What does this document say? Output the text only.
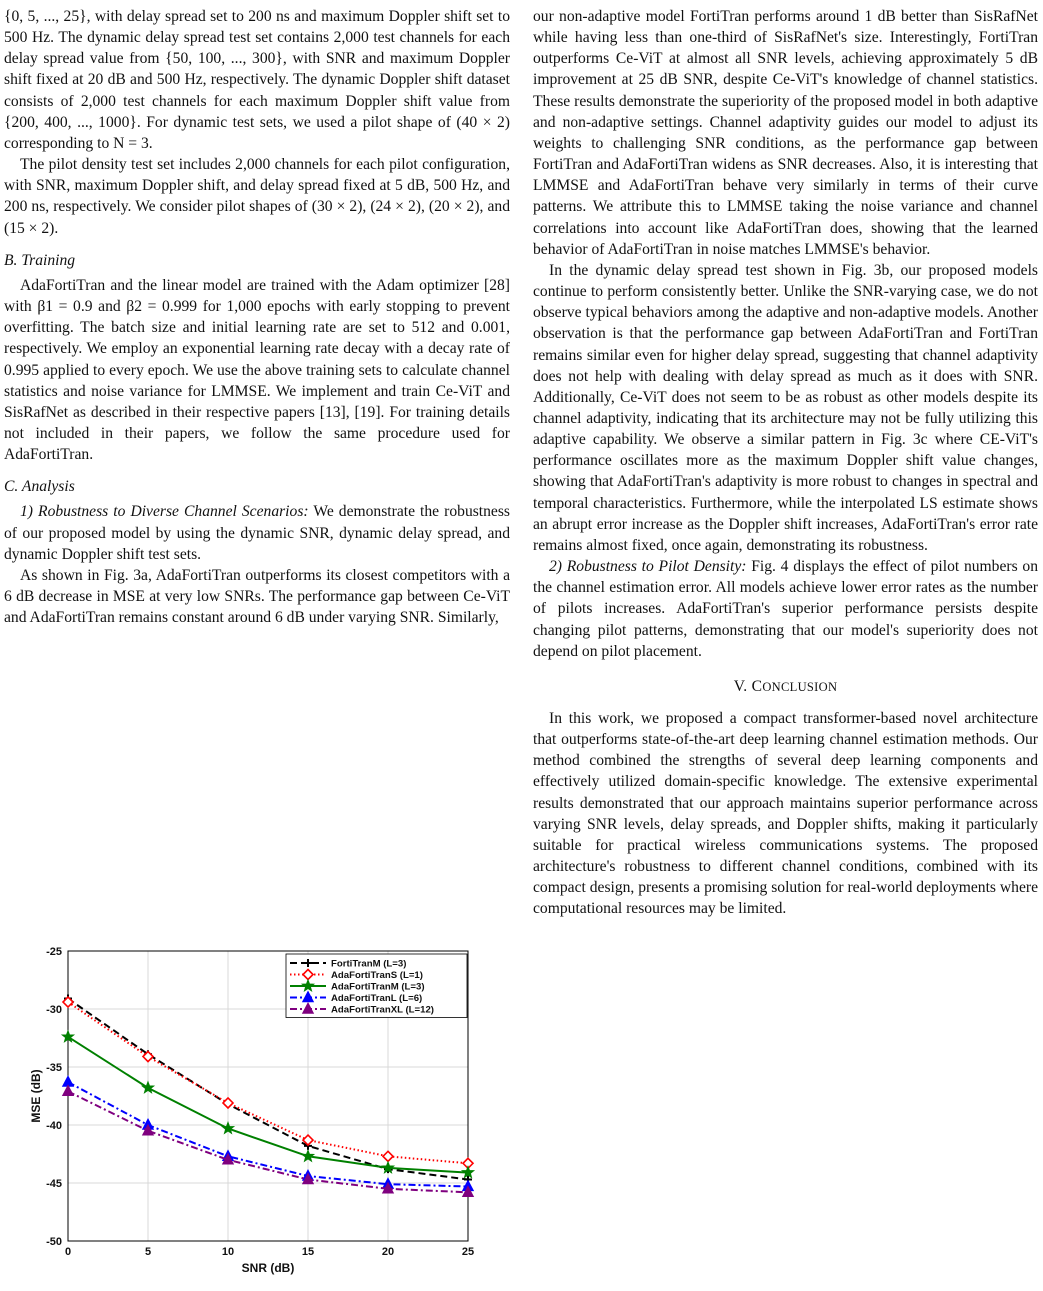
{0, 5, ..., 25}, with delay spread set to 200 ns and maximum Doppler shift set to 500 Hz. The dynamic delay spread test set contains 2,000 test channels for each delay spread value from {50, 100, ..., 300}, with SNR and maximum Doppler shift fixed at 20 dB and 500 Hz, respectively. The dynamic Doppler shift dataset consists of 2,000 test channels for each maximum Doppler shift value from {200, 400, ..., 1000}. For dynamic test sets, we used a pilot shape of (40 × 2) corresponding to N = 3.

The pilot density test set includes 2,000 channels for each pilot configuration, with SNR, maximum Doppler shift, and delay spread fixed at 5 dB, 500 Hz, and 200 ns, respectively. We consider pilot shapes of (30 × 2), (24 × 2), (20 × 2), and (15 × 2).

B. Training

AdaFortiTran and the linear model are trained with the Adam optimizer [28] with β1 = 0.9 and β2 = 0.999 for 1,000 epochs with early stopping to prevent overfitting. The batch size and initial learning rate are set to 512 and 0.001, respectively. We employ an exponential learning rate decay with a decay rate of 0.995 applied to every epoch. We use the above training sets to calculate channel statistics and noise variance for LMMSE. We implement and train Ce-ViT and SisRafNet as described in their respective papers [13], [19]. For training details not included in their papers, we follow the same procedure used for AdaFortiTran.

C. Analysis

1) Robustness to Diverse Channel Scenarios: We demonstrate the robustness of our proposed model by using the dynamic SNR, dynamic delay spread, and dynamic Doppler shift test sets.

As shown in Fig. 3a, AdaFortiTran outperforms its closest competitors with a 6 dB decrease in MSE at very low SNRs. The performance gap between Ce-ViT and AdaFortiTran remains constant around 6 dB under varying SNR. Similarly,

our non-adaptive model FortiTran performs around 1 dB better than SisRafNet while having less than one-third of SisRafNet's size. Interestingly, FortiTran outperforms Ce-ViT at almost all SNR levels, achieving approximately 5 dB improvement at 25 dB SNR, despite Ce-ViT's knowledge of channel statistics. These results demonstrate the superiority of the proposed model in both adaptive and non-adaptive settings. Channel adaptivity guides our model to adjust its weights to challenging SNR conditions, as the performance gap between FortiTran and AdaFortiTran widens as SNR decreases. Also, it is interesting that LMMSE and AdaFortiTran behave very similarly in terms of their curve patterns. We attribute this to LMMSE taking the noise variance and channel correlations into account like AdaFortiTran does, showing that the learned behavior of AdaFortiTran in noise matches LMMSE's behavior.

In the dynamic delay spread test shown in Fig. 3b, our proposed models continue to perform consistently better. Unlike the SNR-varying case, we do not observe typical behaviors among the adaptive and non-adaptive models. Another observation is that the performance gap between AdaFortiTran and FortiTran remains similar even for higher delay spread, suggesting that channel adaptivity does not help with dealing with delay spread as much as it does with SNR. Additionally, Ce-ViT does not seem to be as robust as other models despite its channel adaptivity, indicating that its architecture may not be fully utilizing this adaptive capability. We observe a similar pattern in Fig. 3c where CE-ViT's performance oscillates more as the maximum Doppler shift value changes, showing that AdaFortiTran's adaptivity is more robust to changes in spectral and temporal characteristics. Furthermore, while the interpolated LS estimate shows an abrupt error increase as the Doppler shift increases, AdaFortiTran's error rate remains almost fixed, once again, demonstrating its robustness.

2) Robustness to Pilot Density: Fig. 4 displays the effect of pilot numbers on the channel estimation error. All models achieve lower error rates as the number of pilots increases. AdaFortiTran's superior performance persists despite changing pilot patterns, demonstrating that our model's superiority does not depend on pilot placement.

V. CONCLUSION

In this work, we proposed a compact transformer-based novel architecture that outperforms state-of-the-art deep learning channel estimation methods. Our method combined the strengths of several deep learning components and effectively utilized domain-specific knowledge. The extensive experimental results demonstrated that our approach maintains superior performance across varying SNR levels, delay spreads, and Doppler shifts, making it particularly suitable for practical wireless communications systems. The proposed architecture's robustness to different channel conditions, combined with its compact design, presents a promising solution for real-world deployments where computational resources may be limited.

0	5	10	15	20	25
-25
-30
-35
-40
-45
-50
FortiTranM (L=3)
AdaFortiTranS (L=1)
AdaFortiTranM (L=3)
AdaFortiTranL (L=6)
AdaFortiTranXL (L=12)
SNR (dB)
MSE (dB)
